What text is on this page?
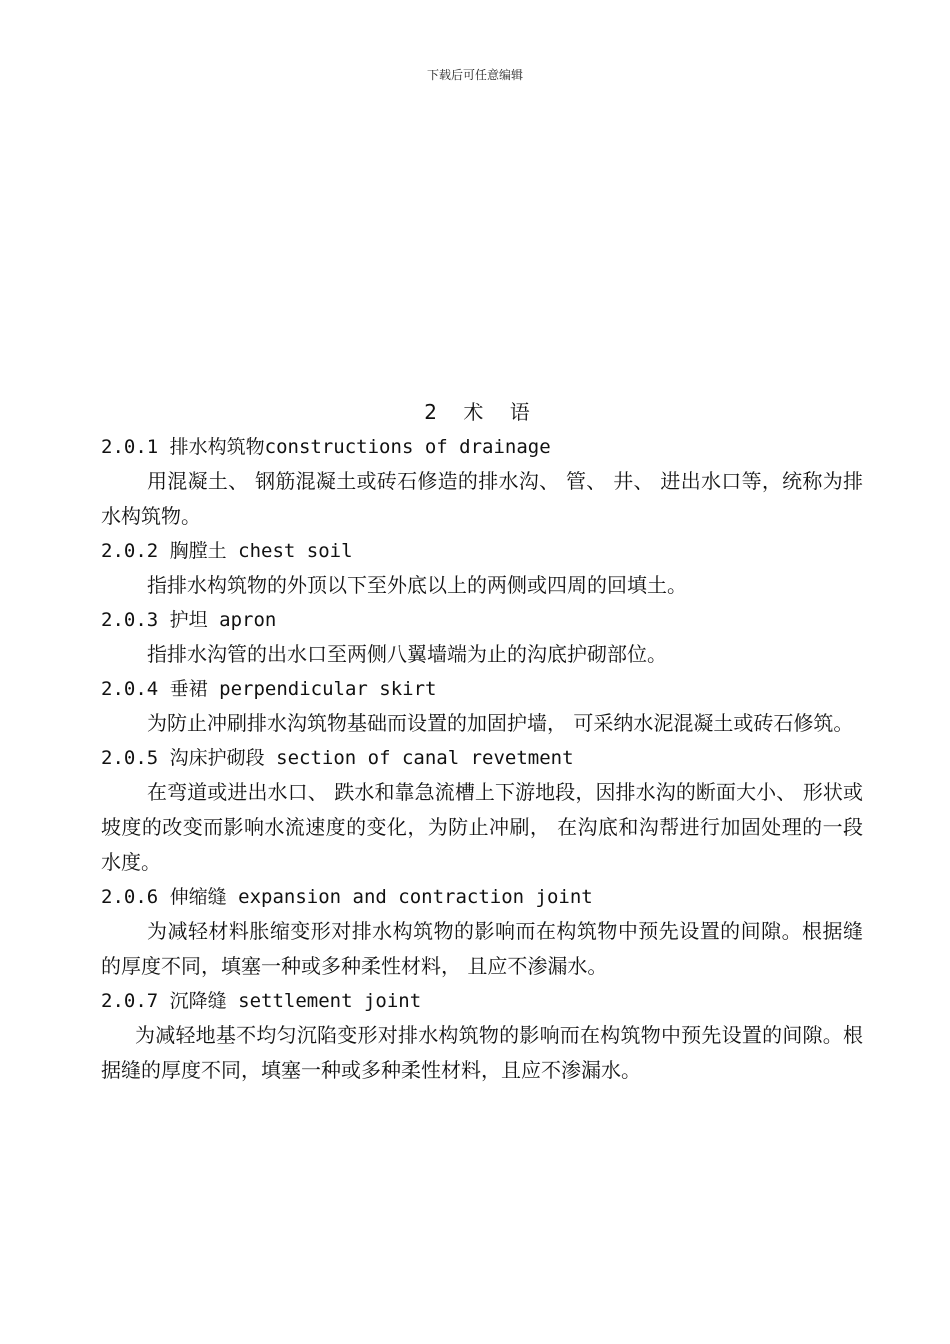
下载后可任意编辑
2 术 语
2.0.1 排水构筑物constructions of drainage
用混凝土、 钢筋混凝土或砖石修造的排水沟、 管、 井、 进出水口等，统称为排水构筑物。
2.0.2 胸膛土 chest soil
指排水构筑物的外顶以下至外底以上的两侧或四周的回填土。
2.0.3 护坦 apron
指排水沟管的出水口至两侧八翼墙端为止的沟底护砌部位。
2.0.4 垂裙 perpendicular skirt
为防止冲刷排水沟筑物基础而设置的加固护墙， 可采纳水泥混凝土或砖石修筑。
2.0.5 沟床护砌段 section of canal revetment
在弯道或进出水口、 跌水和靠急流槽上下游地段，因排水沟的断面大小、 形状或坡度的改变而影响水流速度的变化，为防止冲刷， 在沟底和沟帮进行加固处理的一段水度。
2.0.6 伸缩缝 expansion and contraction joint
为减轻材料胀缩变形对排水构筑物的影响而在构筑物中预先设置的间隙。根据缝的厚度不同，填塞一种或多种柔性材料， 且应不渗漏水。
2.0.7 沉降缝 settlement joint
为减轻地基不均匀沉陷变形对排水构筑物的影响而在构筑物中预先设置的间隙。根据缝的厚度不同，填塞一种或多种柔性材料，且应不渗漏水。
